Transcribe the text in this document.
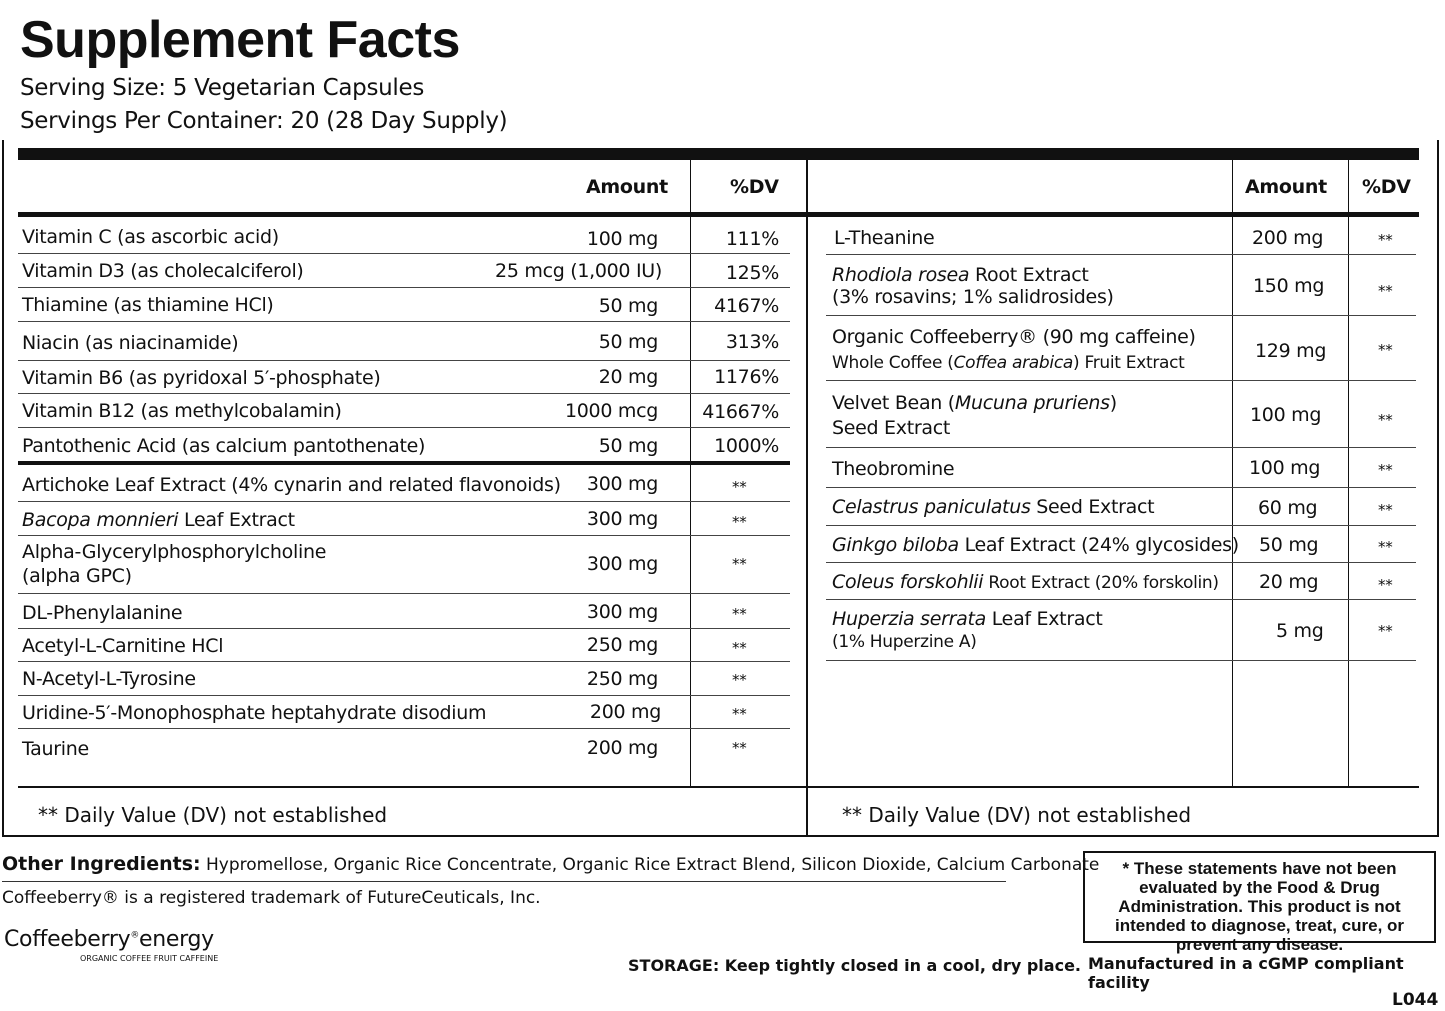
Supplement Facts
Serving Size: 5 Vegetarian Capsules
Servings Per Container: 20 (28 Day Supply)
Amount	%DV	Amount %DV
Vitamin C (as ascorbic acid)	100 mg	111%
Vitamin D3 (as cholecalciferol)	25 mcg (1,000 IU)	125%
Thiamine (as thiamine HCl)	50 mg	4167%
Niacin (as niacinamide)	50 mg	313%
Vitamin B6 (as pyridoxal 5′-phosphate)	20 mg	1176%
Vitamin B12 (as methylcobalamin)	1000 mcg 41667%
Pantothenic Acid (as calcium pantothenate)	50 mg	1000%
Artichoke Leaf Extract (4% cynarin and related flavonoids) 300 mg	**
Bacopa monnieri Leaf Extract	300 mg	**
Alpha-Glycerylphosphorylcholine
(alpha GPC)
300 mg	**
DL-Phenylalanine	300 mg	**
Acetyl-L-Carnitine HCl	250 mg	**
N-Acetyl-L-Tyrosine	250 mg	**
Uridine-5′-Monophosphate heptahydrate disodium	200 mg	**
Taurine	200 mg	**
L-Theanine	200 mg	**
Rhodiola rosea Root Extract
(3% rosavins; 1% salidrosides)	150 mg	**
Organic Coffeeberry® (90 mg caffeine)
Whole Coffee (Coffea arabica) Fruit Extract
129 mg	**
Velvet Bean (Mucuna pruriens)
Seed Extract
100 mg	**
Theobromine	100 mg	**
Celastrus paniculatus Seed Extract	60 mg	**
Ginkgo biloba Leaf Extract (24% glycosides) 50 mg	**
Coleus forskohlii Root Extract (20% forskolin) 20 mg	**
Huperzia serrata Leaf Extract
(1% Huperzine A)	5 mg	**
** Daily Value (DV) not established	** Daily Value (DV) not established
Other Ingredients: Hypromellose, Organic Rice Concentrate, Organic Rice Extract Blend, Silicon Dioxide, Calcium Carbonate
Coffeeberry® is a registered trademark of FutureCeuticals, Inc.
Coffeeberry®energy
ORGANIC COFFEE FRUIT CAFFEINE
* These statements have not been evaluated by the Food & Drug Administration. This product is not intended to diagnose, treat, cure, or prevent any disease.
STORAGE: Keep tightly closed in a cool, dry place. Manufactured in a cGMP compliant facility
L044
